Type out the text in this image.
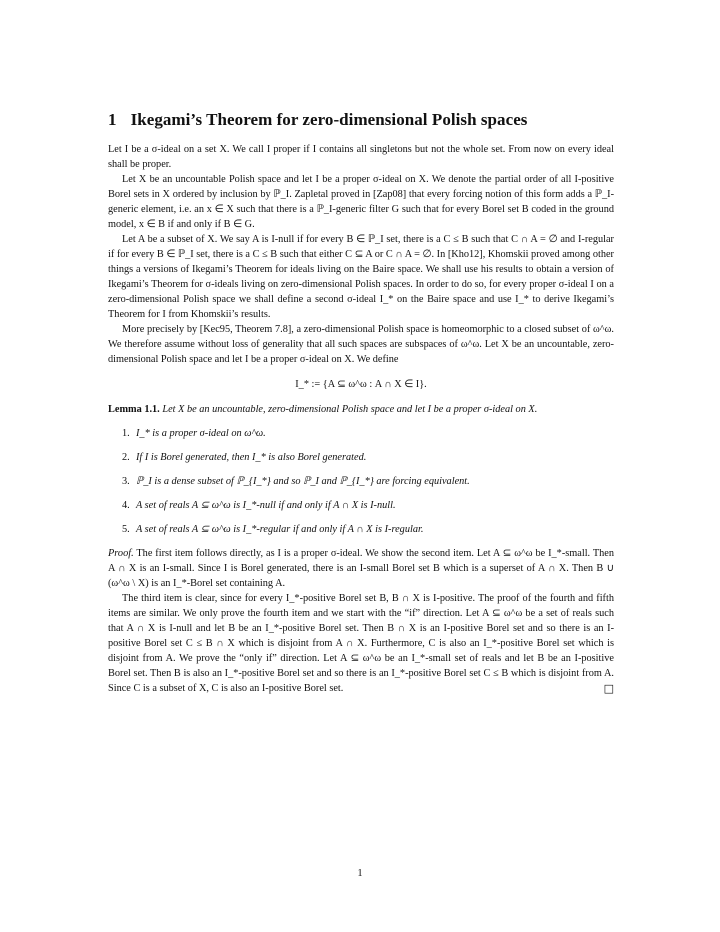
1 Ikegami’s Theorem for zero-dimensional Polish spaces

Let I be a σ-ideal on a set X. We call I proper if I contains all singletons but not the whole set. From now on every ideal shall be proper.

Let X be an uncountable Polish space and let I be a proper σ-ideal on X. We denote the partial order of all I-positive Borel sets in X ordered by inclusion by ℙ_I. Zapletal proved in [Zap08] that every forcing notion of this form adds a ℙ_I-generic element, i.e. an x ∈ X such that there is a ℙ_I-generic filter G such that for every Borel set B coded in the ground model, x ∈ B if and only if B ∈ G.

Let A be a subset of X. We say A is I-null if for every B ∈ ℙ_I set, there is a C ≤ B such that C ∩ A = ∅ and I-regular if for every B ∈ ℙ_I set, there is a C ≤ B such that either C ⊆ A or C ∩ A = ∅. In [Kho12], Khomskii proved among other things a versions of Ikegami’s Theorem for ideals living on the Baire space. We shall use his results to obtain a version of Ikegami’s Theorem for σ-ideals living on zero-dimensional Polish spaces. In order to do so, for every proper σ-ideal I on a zero-dimensional Polish space we shall define a second σ-ideal I_* on the Baire space and use I_* to derive Ikegami’s Theorem for I from Khomskii’s results.

More precisely by [Kec95, Theorem 7.8], a zero-dimensional Polish space is homeomorphic to a closed subset of ω^ω. We therefore assume without loss of generality that all such spaces are subspaces of ω^ω. Let X be an uncountable, zero-dimensional Polish space and let I be a proper σ-ideal on X. We define

I_* := {A ⊆ ω^ω : A ∩ X ∈ I}.
Lemma 1.1. Let X be an uncountable, zero-dimensional Polish space and let I be a proper σ-ideal on X.
1. I_* is a proper σ-ideal on ω^ω.
2. If I is Borel generated, then I_* is also Borel generated.
3. ℙ_I is a dense subset of ℙ_{I_*} and so ℙ_I and ℙ_{I_*} are forcing equivalent.
4. A set of reals A ⊆ ω^ω is I_*-null if and only if A ∩ X is I-null.
5. A set of reals A ⊆ ω^ω is I_*-regular if and only if A ∩ X is I-regular.

Proof. The first item follows directly, as I is a proper σ-ideal. We show the second item. Let A ⊆ ω^ω be I_*-small. Then A ∩ X is an I-small. Since I is Borel generated, there is an I-small Borel set B which is a superset of A ∩ X. Then B ∪ (ω^ω \ X) is an I_*-Borel set containing A.

The third item is clear, since for every I_*-positive Borel set B, B ∩ X is I-positive. The proof of the fourth and fifth items are similar. We only prove the fourth item and we start with the “if” direction. Let A ⊆ ω^ω be a set of reals such that A ∩ X is I-null and let B be an I_*-positive Borel set. Then B ∩ X is an I-positive Borel set and so there is an I-positive Borel set C ≤ B ∩ X which is disjoint from A ∩ X. Furthermore, C is also an I_*-positive Borel set which is disjoint from A. We prove the “only if” direction. Let A ⊆ ω^ω be an I_*-small set of reals and let B be an I-positive Borel set. Then B is also an I_*-positive Borel set and so there is an I_*-positive Borel set C ≤ B which is disjoint from A. Since C is a subset of X, C is also an I-positive Borel set.	□

1
